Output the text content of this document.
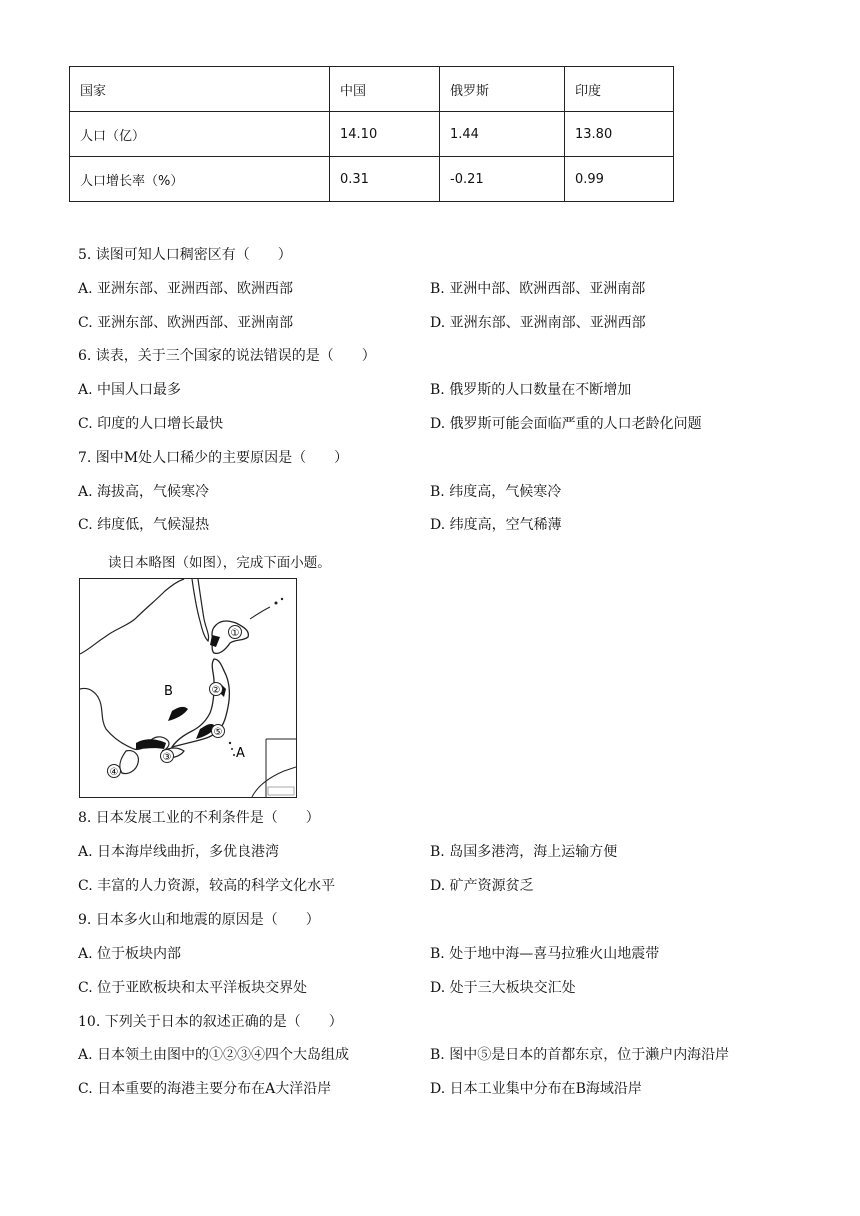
国家	中国	俄罗斯	印度
人口（亿）	14.10	1.44	13.80
人口增长率（%）	0.31	-0.21	0.99
5. 读图可知人口稠密区有（　　）
A. 亚洲东部、亚洲西部、欧洲西部	B. 亚洲中部、欧洲西部、亚洲南部
C. 亚洲东部、欧洲西部、亚洲南部	D. 亚洲东部、亚洲南部、亚洲西部
6. 读表，关于三个国家的说法错误的是（　　）
A. 中国人口最多	B. 俄罗斯的人口数量在不断增加
C. 印度的人口增长最快	D. 俄罗斯可能会面临严重的人口老龄化问题
7. 图中M处人口稀少的主要原因是（　　）
A. 海拔高，气候寒冷	B. 纬度高，气候寒冷
C. 纬度低，气候湿热	D. 纬度高，空气稀薄
读日本略图（如图），完成下面小题。
①
②
⑤
③
④
B
A
8. 日本发展工业的不利条件是（　　）
A. 日本海岸线曲折，多优良港湾	B. 岛国多港湾，海上运输方便
C. 丰富的人力资源，较高的科学文化水平	D. 矿产资源贫乏
9. 日本多火山和地震的原因是（　　）
A. 位于板块内部	B. 处于地中海—喜马拉雅火山地震带
C. 位于亚欧板块和太平洋板块交界处	D. 处于三大板块交汇处
10. 下列关于日本的叙述正确的是（　　）
A. 日本领土由图中的①②③④四个大岛组成	B. 图中⑤是日本的首都东京，位于濑户内海沿岸
C. 日本重要的海港主要分布在A大洋沿岸	D. 日本工业集中分布在B海域沿岸
